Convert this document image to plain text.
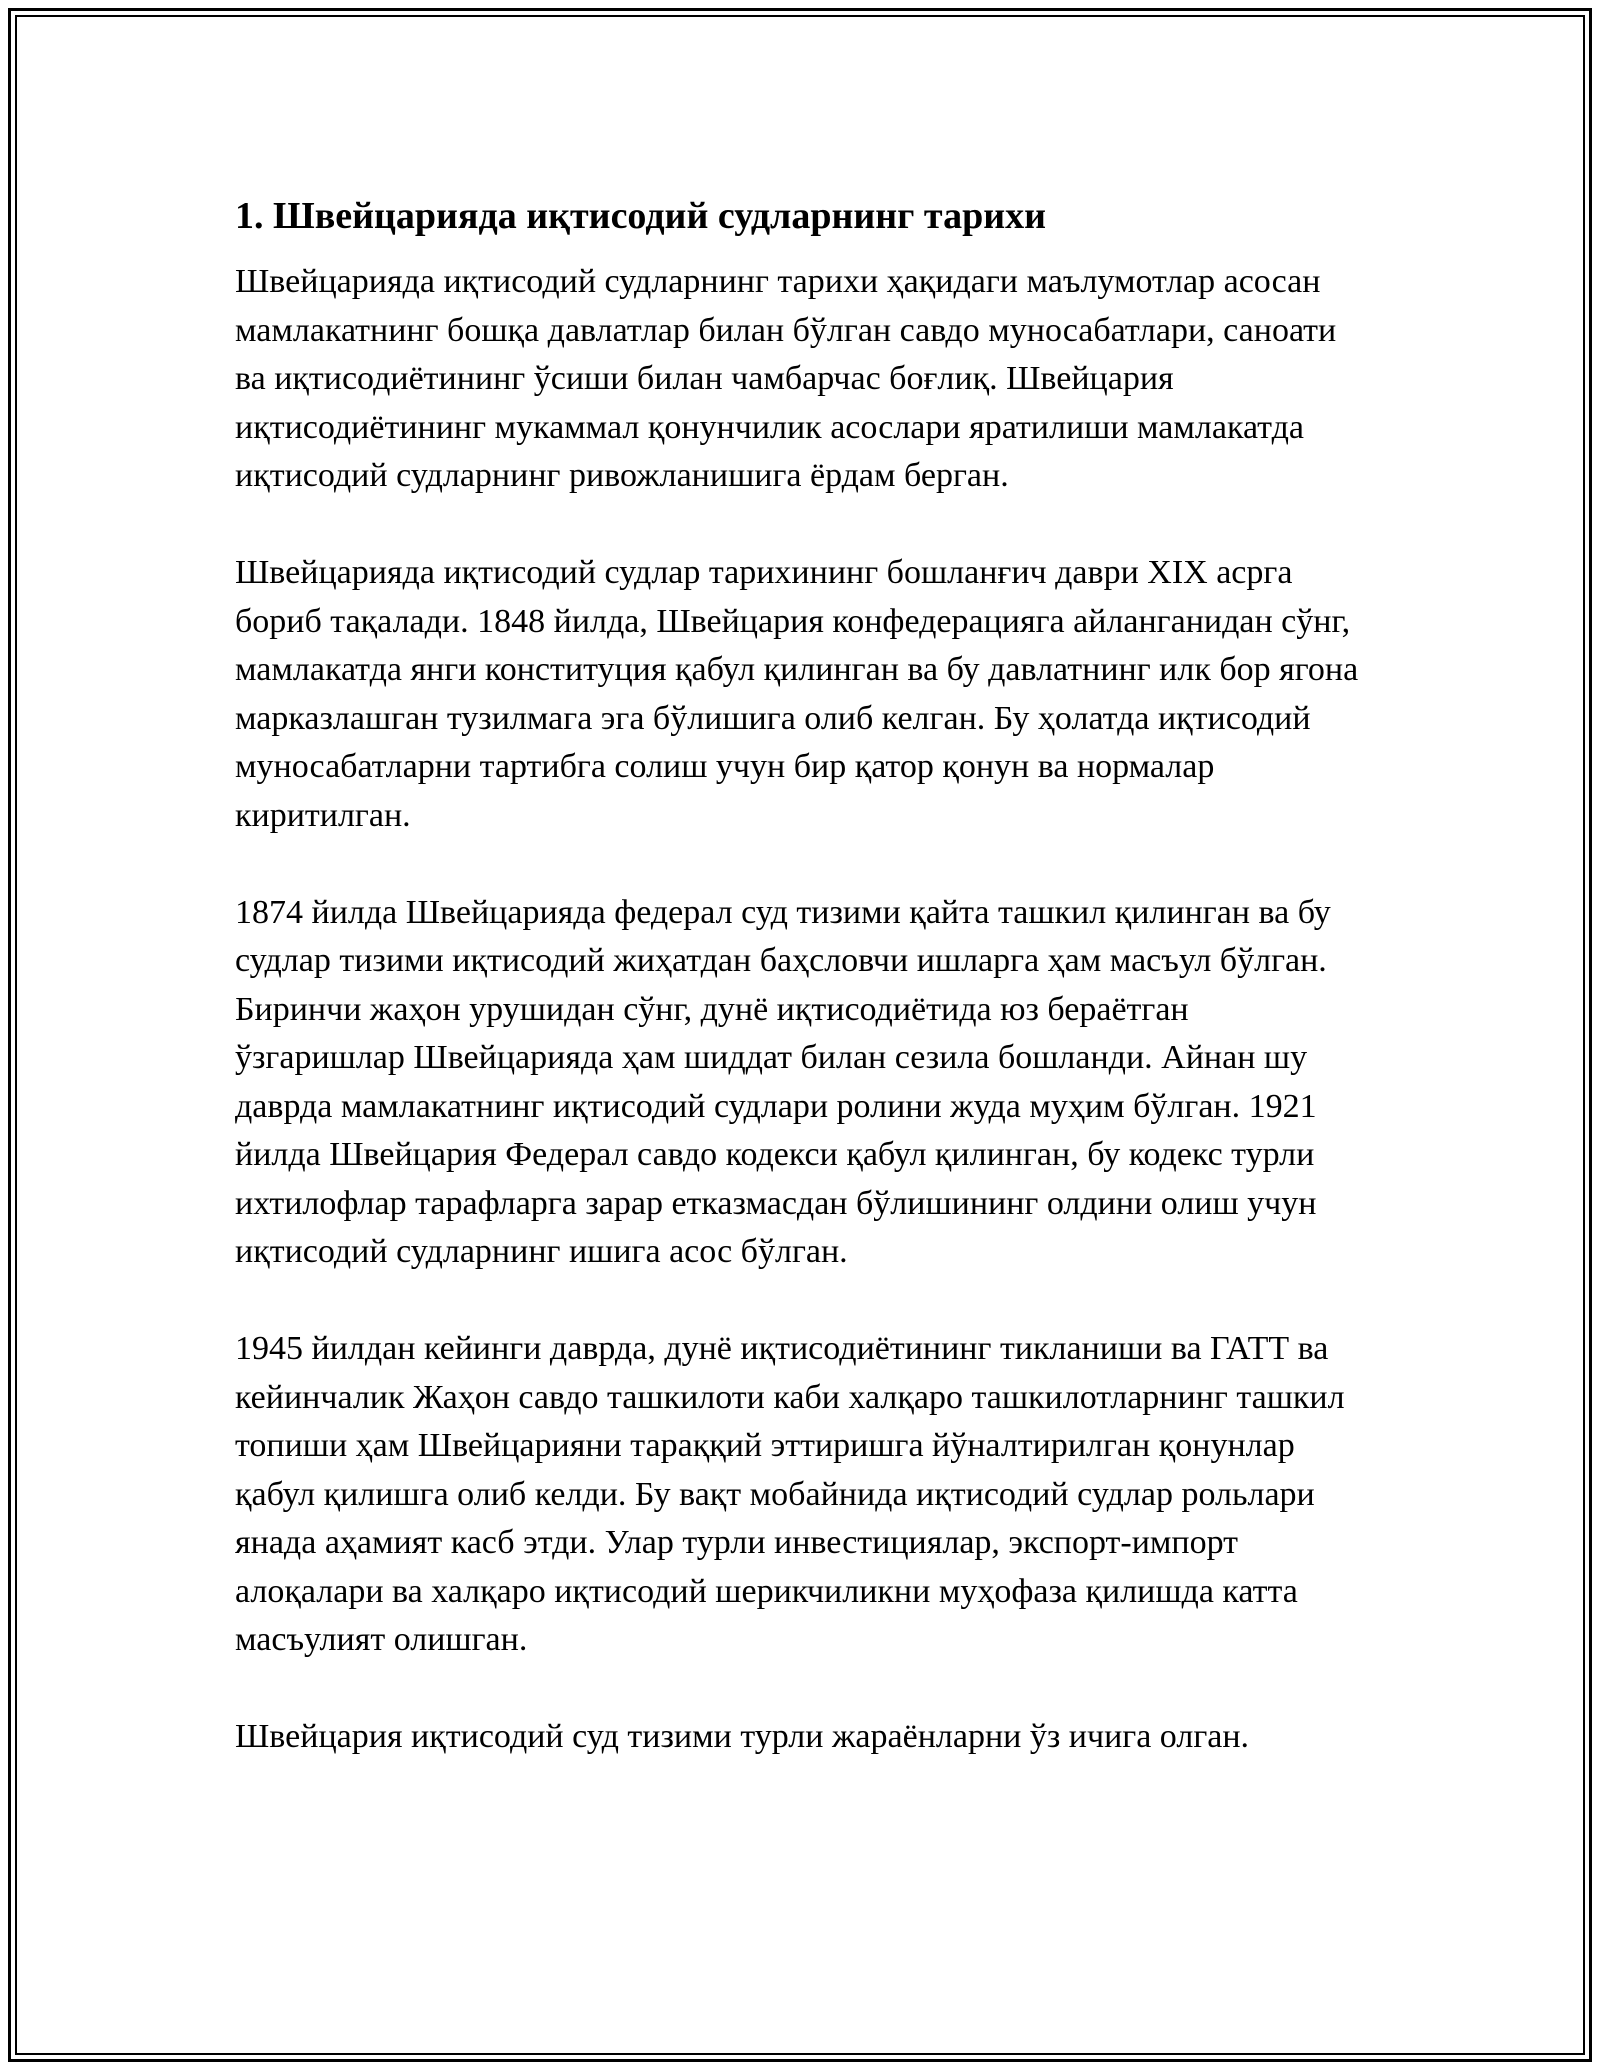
1. Швейцарияда иқтисодий судларнинг тарихи

Швейцарияда иқтисодий судларнинг тарихи ҳақидаги маълумотлар асосан мамлакатнинг бошқа давлатлар билан бўлган савдо муносабатлари, саноати ва иқтисодиётининг ўсиши билан чамбарчас боғлиқ. Швейцария иқтисодиётининг мукаммал қонунчилик асослари яратилиши мамлакатда иқтисодий судларнинг ривожланишига ёрдам берган.

Швейцарияда иқтисодий судлар тарихининг бошланғич даври XIX асрга бориб тақалади. 1848 йилда, Швейцария конфедерацияга айланганидан сўнг, мамлакатда янги конституция қабул қилинган ва бу давлатнинг илк бор ягона марказлашган тузилмага эга бўлишига олиб келган. Бу ҳолатда иқтисодий муносабатларни тартибга солиш учун бир қатор қонун ва нормалар киритилган.

1874 йилда Швейцарияда федерал суд тизими қайта ташкил қилинган ва бу судлар тизими иқтисодий жиҳатдан баҳсловчи ишларга ҳам масъул бўлган. Биринчи жаҳон урушидан сўнг, дунё иқтисодиётида юз бераётган ўзгаришлар Швейцарияда ҳам шиддат билан сезила бошланди. Айнан шу даврда мамлакатнинг иқтисодий судлари ролини жуда муҳим бўлган. 1921 йилда Швейцария Федерал савдо кодекси қабул қилинган, бу кодекс турли ихтилофлар тарафларга зарар етказмасдан бўлишининг олдини олиш учун иқтисодий судларнинг ишига асос бўлган.

1945 йилдан кейинги даврда, дунё иқтисодиётининг тикланиши ва ГАТТ ва кейинчалик Жаҳон савдо ташкилоти каби халқаро ташкилотларнинг ташкил топиши ҳам Швейцарияни тараққий эттиришга йўналтирилган қонунлар қабул қилишга олиб келди. Бу вақт мобайнида иқтисодий судлар рольлари янада аҳамият касб этди. Улар турли инвестициялар, экспорт-импорт алоқалари ва халқаро иқтисодий шерикчиликни муҳофаза қилишда катта масъулият олишган.

Швейцария иқтисодий суд тизими турли жараёнларни ўз ичига олган.
